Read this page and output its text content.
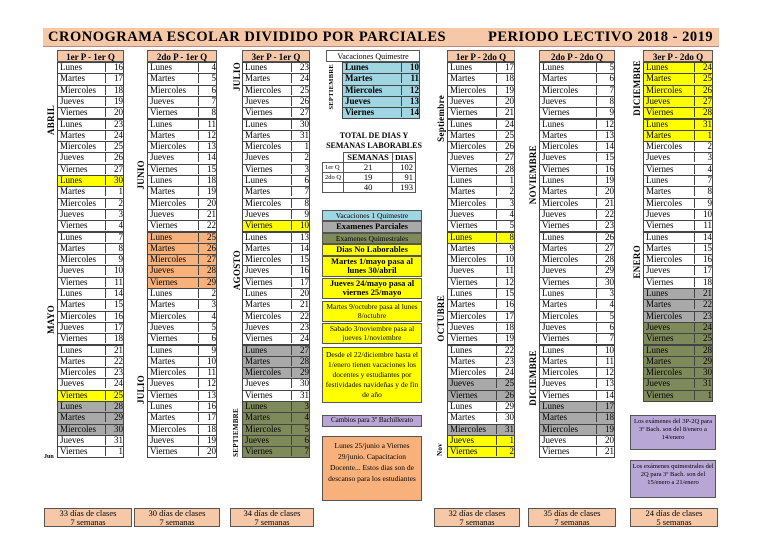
CRONOGRAMA ESCOLAR DIVIDIDO POR PARCIALES	PERIODO LECTIVO 2018 - 2019
1er P - 1er Q
Lunes	16
Martes	17
Miercoles	18
Jueves	19
Viernes	20
Lunes	23
Martes	24
Miercoles	25
Jueves	26
Viernes	27
Lunes	30
Martes	1
Miercoles	2
Jueves	3
Viernes	4
Lunes	7
Martes	8
Miercoles	9
Jueves	10
Viernes	11
Lunes	14
Martes	15
Miercoles	16
Jueves	17
Viernes	18
Lunes	21
Martes	22
Miercoles	23
Jueves	24
Viernes	25
Lunes	28
Martes	29
Miercoles	30
Jueves	31
Viernes	1
2do P - 1er Q
Lunes	4
Martes	5
Miercoles	6
Jueves	7
Viernes	8
Lunes	11
Martes	12
Miercoles	13
Jueves	14
Viernes	15
Lunes	18
Martes	19
Miercoles	20
Jueves	21
Viernes	22
Lunes	25
Martes	26
Miercoles	27
Jueves	28
Viernes	29
Lunes	2
Martes	3
Miercoles	4
Jueves	5
Viernes	6
Lunes	9
Martes	10
Miercoles	11
Jueves	12
Viernes	13
Lunes	16
Martes	17
Miercoles	18
Jueves	19
Viernes	20
3er P - 1er Q
Lunes	23
Martes	24
Miercoles	25
Jueves	26
Viernes	27
Lunes	30
Martes	31
Miercoles	1
Jueves	2
Viernes	3
Lunes	6
Martes	7
Miercoles	8
Jueves	9
Viernes	10
Lunes	13
Martes	14
Miercoles	15
Jueves	16
Viernes	17
Lunes	20
Martes	21
Miercoles	22
Jueves	23
Viernes	24
Lunes	27
Martes	28
Miercoles	29
Jueves	30
Viernes	31
Lunes	3
Martes	4
Miercoles	5
Jueves	6
Viernes	7
1er P - 2do Q
Lunes	17
Martes	18
Miercoles	19
Jueves	20
Viernes	21
Lunes	24
Martes	25
Miercoles	26
Jueves	27
Viernes	28
Lunes	1
Martes	2
Miercoles	3
Jueves	4
Viernes	5
Lunes	8
Martes	9
Miercoles	10
Jueves	11
Viernes	12
Lunes	15
Martes	16
Miercoles	17
Jueves	18
Viernes	19
Lunes	22
Martes	23
Miercoles	24
Jueves	25
Viernes	26
Lunes	29
Martes	30
Miercoles	31
Jueves	1
Viernes	2
2do P - 2do Q
Lunes	5
Martes	6
Miercoles	7
Jueves	8
Viernes	9
Lunes	12
Martes	13
Miercoles	14
Jueves	15
Viernes	16
Lunes	19
Martes	20
Miercoles	21
Jueves	22
Viernes	23
Lunes	26
Martes	27
Miercoles	28
Jueves	29
Viernes	30
Lunes	3
Martes	4
Miercoles	5
Jueves	6
Viernes	7
Lunes	10
Martes	11
Miercoles	12
Jueves	13
Viernes	14
Lunes	17
Martes	18
Miercoles	19
Jueves	20
Viernes	21
3er P - 2do Q
Lunes	24
Martes	25
Miercoles	26
Jueves	27
Viernes	28
Lunes	31
Martes	1
Miercoles	2
Jueves	3
Viernes	4
Lunes	7
Martes	8
Miercoles	9
Jueves	10
Viernes	11
Lunes	14
Martes	15
Miercoles	16
Jueves	17
Viernes	18
Lunes	21
Martes	22
Miercoles	23
Jueves	24
Viernes	25
Lunes	28
Martes	29
Miercoles	30
Jueves	31
Viernes	1
ABRIL
MAYO
JUNIO
JULIO
JULIO
AGOSTO
SEPTIEMBRE
Septiembre
OCTUBRE
Nov
NOVIEMBRE
DICIEMBRE
DICIEMBRE
ENERO
Jun
Vacaciones Quimestre
SEPTIEMBRE Lunes	10
Martes	11
Miercoles	12
Jueves	13
Viernes	14
TOTAL DE DIAS Y SEMANAS LABORABLES
	SEMANAS	DIAS
1er Q	21	102
2do Q	19	91
	40	193
Vacaciones 1 Quimestre
Examenes Parciales
Examenes Quimestrales
Dias No Laborables
Martes 1/mayo pasa al lunes 30/abril
Jueves 24/mayo pasa al viernes 25/mayo
Martes 9/octubre pasa al lunes 8/octubre
Sabado 3/noviembre pasa al jueves 1/noviembre
Desde el 22/diciembre hasta el 1/enero tienen vacaciones los docentes y estudiantes por festividades navideñas y de fin de año
Cambios para 3º Bachillerato
Lunes 25/junio a Viernes 29/junio. Capacitacion Docente... Estos dias son de descanso para los estudiantes
Los exámenes del 3P-2Q para 3º Bach. son del 8/enero a 14/enero
Los exámenes quimestrales del 2Q para 3º Bach. son del 15/enero a 21/enero
33 días de clases
7 semanas
30 días de clases
7 semanas
34 días de clases
7 semanas
32 días de clases
7 semanas
35 días de clases
7 semanas
24 días de clases
5 semanas
